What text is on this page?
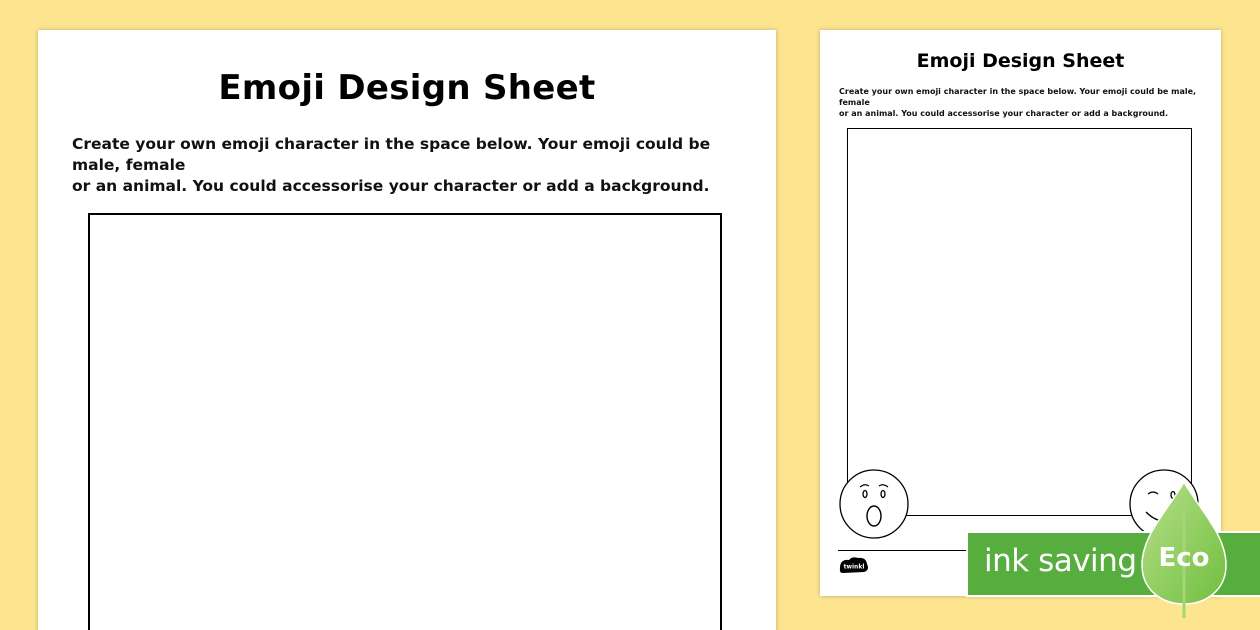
Emoji Design Sheet
Create your own emoji character in the space below. Your emoji could be male, female
or an animal. You could accessorise your character or add a background.
Emoji Design Sheet
Create your own emoji character in the space below. Your emoji could be male, female
or an animal. You could accessorise your character or add a background.
twinkl	ink saving Eco
